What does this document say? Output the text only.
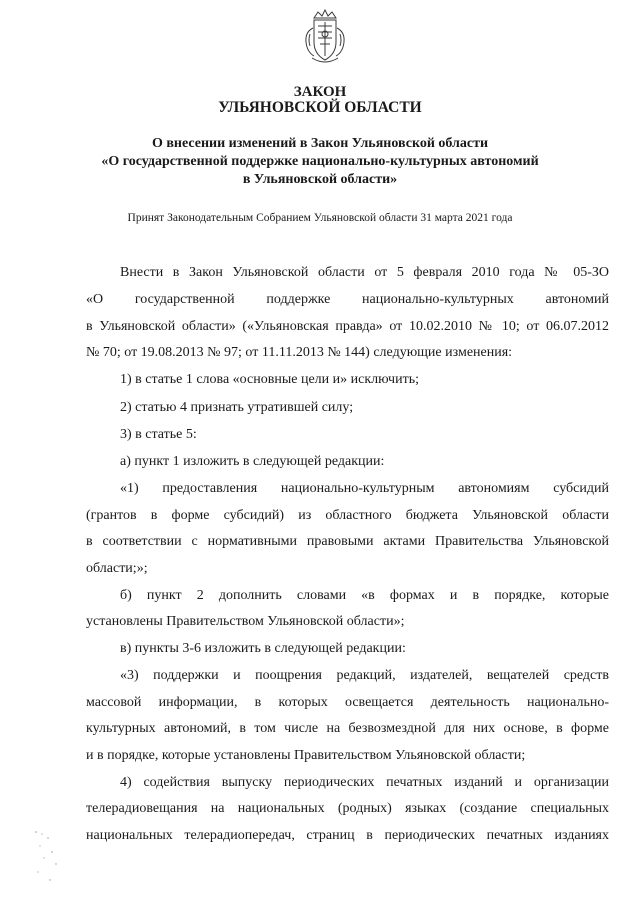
ЗАКОН
УЛЬЯНОВСКОЙ ОБЛАСТИ
О внесении изменений в Закон Ульяновской области
«О государственной поддержке национально-культурных автономий
в Ульяновской области»
Принят Законодательным Собранием Ульяновской области 31 марта 2021 года
Внести в Закон Ульяновской области от 5 февраля 2010 года № 05-ЗО
«О государственной поддержке национально-культурных автономий
в Ульяновской области» («Ульяновская правда» от 10.02.2010 № 10; от 06.07.2012
№ 70; от 19.08.2013 № 97; от 11.11.2013 № 144) следующие изменения:
1) в статье 1 слова «основные цели и» исключить;
2) статью 4 признать утратившей силу;
3) в статье 5:
а) пункт 1 изложить в следующей редакции:
«1) предоставления национально-культурным автономиям субсидий
(грантов в форме субсидий) из областного бюджета Ульяновской области
в соответствии с нормативными правовыми актами Правительства Ульяновской
области;»;
б) пункт 2 дополнить словами «в формах и в порядке, которые
установлены Правительством Ульяновской области»;
в) пункты 3-6 изложить в следующей редакции:
«3) поддержки и поощрения редакций, издателей, вещателей средств
массовой информации, в которых освещается деятельность национально-
культурных автономий, в том числе на безвозмездной для них основе, в форме
и в порядке, которые установлены Правительством Ульяновской области;
4) содействия выпуску периодических печатных изданий и организации
телерадиовещания на национальных (родных) языках (создание специальных
национальных телерадиопередач, страниц в периодических печатных изданиях
